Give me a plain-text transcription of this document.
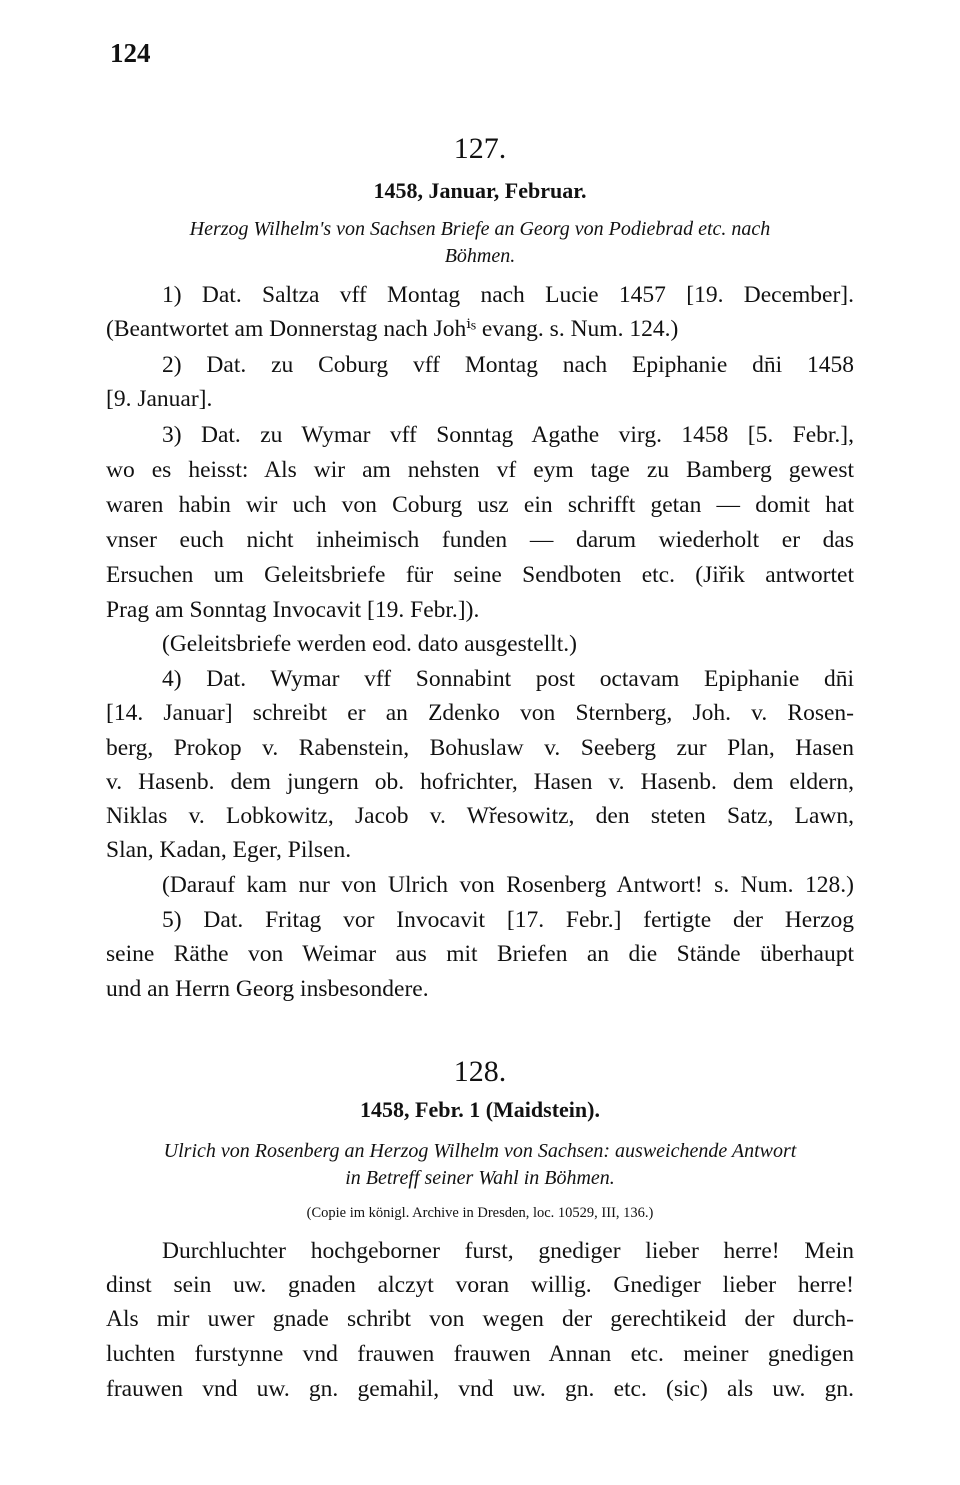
124

127.

1458, Januar, Februar.

Herzog Wilhelm's von Sachsen Briefe an Georg von Podiebrad etc. nach

Böhmen.

1) Dat. Saltza vff Montag nach Lucie 1457 [19. December].

(Beantwortet am Donnerstag nach Johⁱˢ evang. s. Num. 124.)

2) Dat. zu Coburg vff Montag nach Epiphanie dn̄i 1458

[9. Januar].

3) Dat. zu Wymar vff Sonntag Agathe virg. 1458 [5. Febr.],

wo es heisst: Als wir am nehsten vf eym tage zu Bamberg gewest

waren habin wir uch von Coburg usz ein schrifft getan — domit hat

vnser euch nicht inheimisch funden — darum wiederholt er das

Ersuchen um Geleitsbriefe für seine Sendboten etc. (Jiřik antwortet

Prag am Sonntag Invocavit [19. Febr.]).

(Geleitsbriefe werden eod. dato ausgestellt.)

4) Dat. Wymar vff Sonnabint post octavam Epiphanie dn̄i

[14. Januar] schreibt er an Zdenko von Sternberg, Joh. v. Rosen-

berg, Prokop v. Rabenstein, Bohuslaw v. Seeberg zur Plan, Hasen

v. Hasenb. dem jungern ob. hofrichter, Hasen v. Hasenb. dem eldern,

Niklas v. Lobkowitz, Jacob v. Wřesowitz, den steten Satz, Lawn,

Slan, Kadan, Eger, Pilsen.

(Darauf kam nur von Ulrich von Rosenberg Antwort! s. Num. 128.)

5) Dat. Fritag vor Invocavit [17. Febr.] fertigte der Herzog

seine Räthe von Weimar aus mit Briefen an die Stände überhaupt

und an Herrn Georg insbesondere.

128.

1458, Febr. 1 (Maidstein).

Ulrich von Rosenberg an Herzog Wilhelm von Sachsen: ausweichende Antwort

in Betreff seiner Wahl in Böhmen.

(Copie im königl. Archive in Dresden, loc. 10529, III, 136.)

Durchluchter hochgeborner furst, gnediger lieber herre! Mein

dinst sein uw. gnaden alczyt voran willig. Gnediger lieber herre!

Als mir uwer gnade schribt von wegen der gerechtikeid der durch-

luchten furstynne vnd frauwen frauwen Annan etc. meiner gnedigen

frauwen vnd uw. gn. gemahil, vnd uw. gn. etc. (sic) als uw. gn.
